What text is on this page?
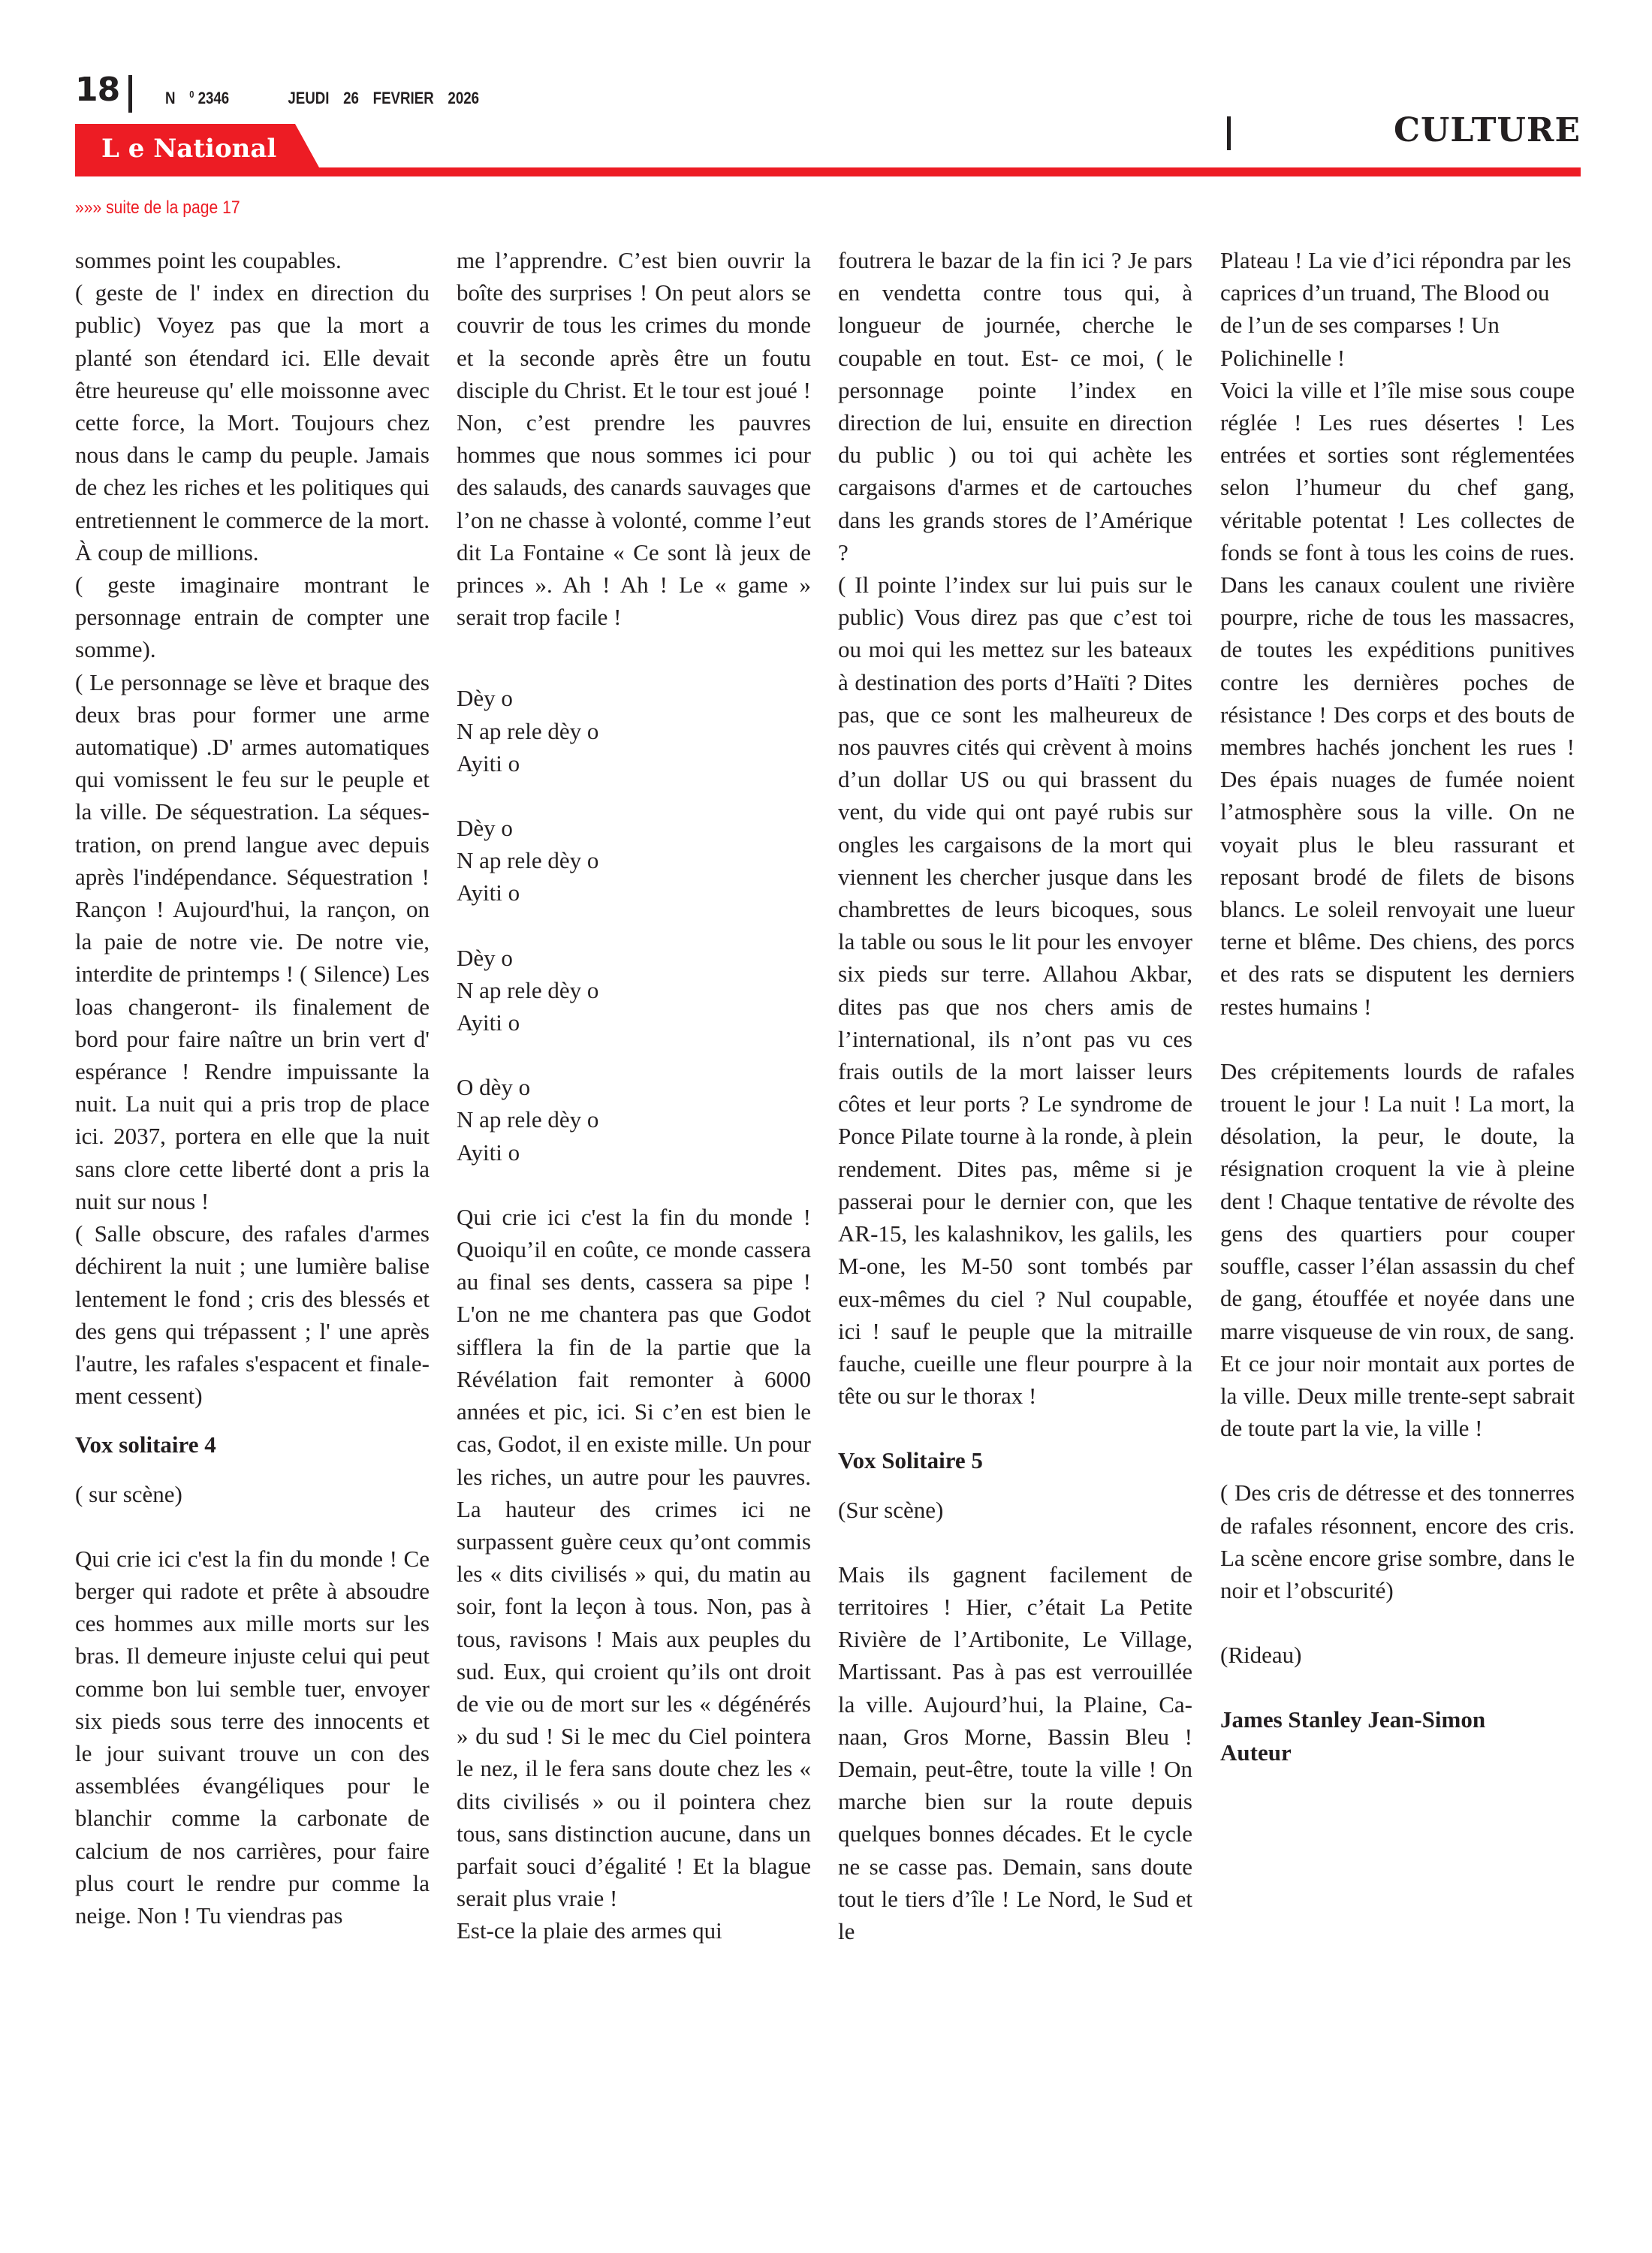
18	N $^0$ 2346	JEUDI 26 FEVRIER 2026
L e National	CULTURE
»»» suite de la page 17

sommes point les coupables.

( geste de l' index en direction du public) Voyez pas que la mort a planté son étendard ici. Elle devait être heureuse qu' elle moissonne avec cette force, la Mort. Toujours chez nous dans le camp du peuple. Jamais de chez les riches et les politiques qui entretiennent le commerce de la mort. À coup de millions.

( geste imaginaire montrant le personnage entrain de compter une somme).

( Le personnage se lève et braque des deux bras pour former une arme automatique) .D' armes automatiques qui vomissent le feu sur le peuple et la ville. De séquestration. La séquestration, on prend langue avec depuis après l'indépendance. Séquestration ! Rançon ! Aujourd'hui, la rançon, on la paie de notre vie. De notre vie, interdite de printemps ! ( Silence) Les loas changeront- ils finalement de bord pour faire naître un brin vert d' espérance ! Rendre impuissante la nuit. La nuit qui a pris trop de place ici. 2037, portera en elle que la nuit sans clore cette liberté dont a pris la nuit sur nous !

( Salle obscure, des rafales d'armes déchirent la nuit ; une lumière balise lentement le fond ; cris des blessés et des gens qui trépassent ; l' une après l'autre, les rafales s'espacent et finalement cessent)

Vox solitaire 4

( sur scène)

Qui crie ici c'est la fin du monde ! Ce berger qui radote et prête à absoudre ces hommes aux mille morts sur les bras. Il demeure injuste celui qui peut comme bon lui semble tuer, envoyer six pieds sous terre des innocents et le jour suivant trouve un con des assemblées évangéliques pour le blanchir comme la carbonate de calcium de nos carrières, pour faire plus court le rendre pur comme la neige. Non ! Tu viendras pas

me l’apprendre. C’est bien ouvrir la boîte des surprises ! On peut alors se couvrir de tous les crimes du monde et la seconde après être un foutu disciple du Christ. Et le tour est joué ! Non, c’est prendre les pauvres hommes que nous sommes ici pour des salauds, des canards sauvages que l’on ne chasse à volonté, comme l’eut dit La Fontaine « Ce sont là jeux de princes ». Ah ! Ah ! Le « game » serait trop facile !

Dèy o

N ap rele dèy o

Ayiti o

Dèy o

N ap rele dèy o

Ayiti o

Dèy o

N ap rele dèy o

Ayiti o

O dèy o

N ap rele dèy o

Ayiti o

Qui crie ici c'est la fin du monde ! Quoiqu’il en coûte, ce monde cassera au final ses dents, cassera sa pipe ! L'on ne me chantera pas que Godot sifflera la fin de la partie que la Révélation fait remonter à 6000 années et pic, ici. Si c’en est bien le cas, Godot, il en existe mille. Un pour les riches, un autre pour les pauvres. La hauteur des crimes ici ne surpassent guère ceux qu’ont commis les « dits civilisés » qui, du matin au soir, font la leçon à tous. Non, pas à tous, ravisons ! Mais aux peuples du sud. Eux, qui croient qu’ils ont droit de vie ou de mort sur les « dégénérés » du sud ! Si le mec du Ciel pointera le nez, il le fera sans doute chez les « dits civilisés » ou il pointera chez tous, sans distinction aucune, dans un parfait souci d’égalité ! Et la blague serait plus vraie !

Est-ce la plaie des armes qui

foutrera le bazar de la fin ici ? Je pars en vendetta contre tous qui, à longueur de journée, cherche le coupable en tout. Est- ce moi, ( le personnage pointe l’index en direction de lui, ensuite en direction du public ) ou toi qui achète les cargaisons d'armes et de cartouches dans les grands stores de l’Amérique ?

( Il pointe l’index sur lui puis sur le public) Vous direz pas que c’est toi ou moi qui les mettez sur les bateaux à destination des ports d’Haïti ? Dites pas, que ce sont les malheureux de nos pauvres cités qui crèvent à moins d’un dollar US ou qui brassent du vent, du vide qui ont payé rubis sur ongles les cargaisons de la mort qui viennent les chercher jusque dans les chambrettes de leurs bicoques, sous la table ou sous le lit pour les envoyer six pieds sur terre. Allahou Akbar, dites pas que nos chers amis de l’international, ils n’ont pas vu ces frais outils de la mort laisser leurs côtes et leur ports ? Le syndrome de Ponce Pilate tourne à la ronde, à plein rendement. Dites pas, même si je passerai pour le dernier con, que les AR-15, les kalashnikov, les galils, les M-one, les M-50 sont tombés par eux-mêmes du ciel ? Nul coupable, ici ! sauf le peuple que la mitraille fauche, cueille une fleur pourpre à la tête ou sur le thorax !

Vox Solitaire 5

(Sur scène)

Mais ils gagnent facilement de territoires ! Hier, c’était La Petite Rivière de l’Artibonite, Le Village, Martissant. Pas à pas est verrouillée la ville. Aujourd’hui, la Plaine, Canaan, Gros Morne, Bassin Bleu ! Demain, peut-être, toute la ville ! On marche bien sur la route depuis quelques bonnes décades. Et le cycle ne se casse pas. Demain, sans doute tout le tiers d’île ! Le Nord, le Sud et le

Plateau ! La vie d’ici répondra par les caprices d’un truand, The Blood ou de l’un de ses comparses ! Un Polichinelle !

Voici la ville et l’île mise sous coupe réglée ! Les rues désertes ! Les entrées et sorties sont réglementées selon l’humeur du chef gang, véritable potentat ! Les collectes de fonds se font à tous les coins de rues. Dans les canaux coulent une rivière pourpre, riche de tous les massacres, de toutes les expéditions punitives contre les dernières poches de résistance ! Des corps et des bouts de membres hachés jonchent les rues ! Des épais nuages de fumée noient l’atmosphère sous la ville. On ne voyait plus le bleu rassurant et reposant brodé de filets de bisons blancs. Le soleil renvoyait une lueur terne et blême. Des chiens, des porcs et des rats se disputent les derniers restes humains !

Des crépitements lourds de rafales trouent le jour ! La nuit ! La mort, la désolation, la peur, le doute, la résignation croquent la vie à pleine dent ! Chaque tentative de révolte des gens des quartiers pour couper souffle, casser l’élan assassin du chef de gang, étouffée et noyée dans une marre visqueuse de vin roux, de sang. Et ce jour noir montait aux portes de la ville. Deux mille trente-sept sabrait de toute part la vie, la ville !

( Des cris de détresse et des tonnerres de rafales résonnent, encore des cris. La scène encore grise sombre, dans le noir et l’obscurité)

(Rideau)

James Stanley Jean-Simon

Auteur
